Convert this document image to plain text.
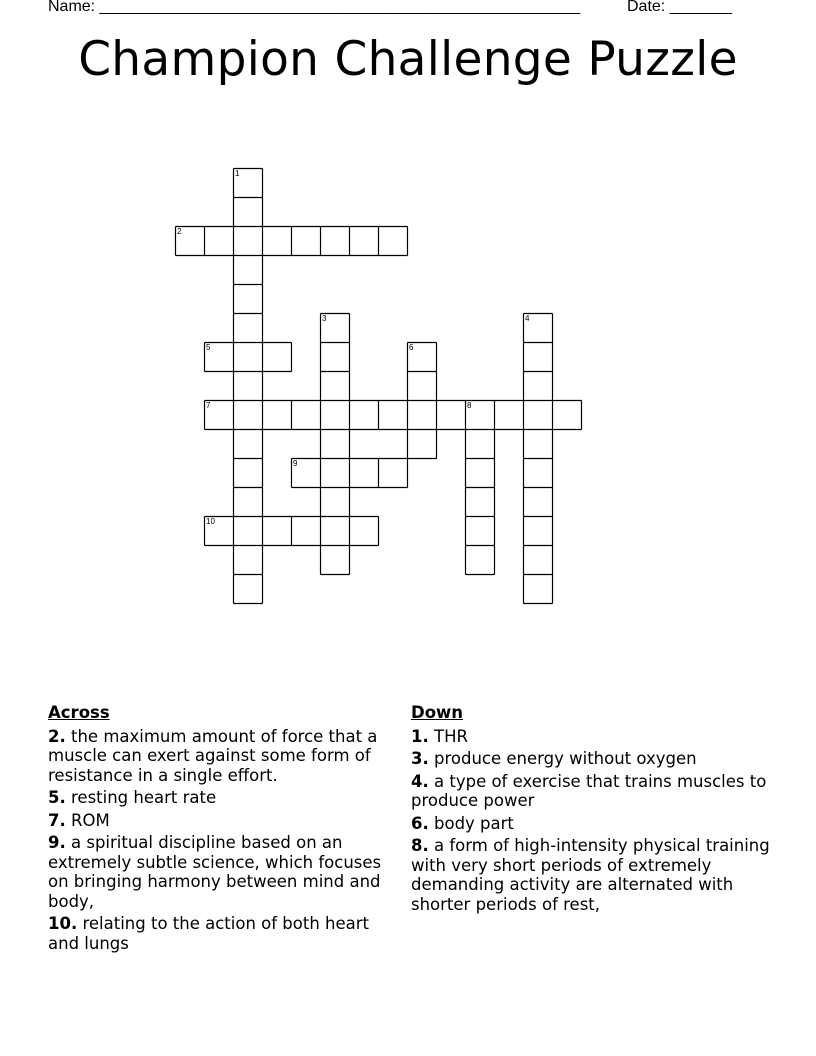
Name: ______________________________________________________	Date: _______
Champion Challenge Puzzle
1
2
3	4
5	6
7	8
9
10
Across
2. the maximum amount of force that a muscle can exert against some form of resistance in a single effort.
5. resting heart rate
7. ROM
9. a spiritual discipline based on an extremely subtle science, which focuses on bringing harmony between mind and body,
10. relating to the action of both heart and lungs
Down
1. THR
3. produce energy without oxygen
4. a type of exercise that trains muscles to produce power
6. body part
8. a form of high-intensity physical training with very short periods of extremely demanding activity are alternated with shorter periods of rest,
